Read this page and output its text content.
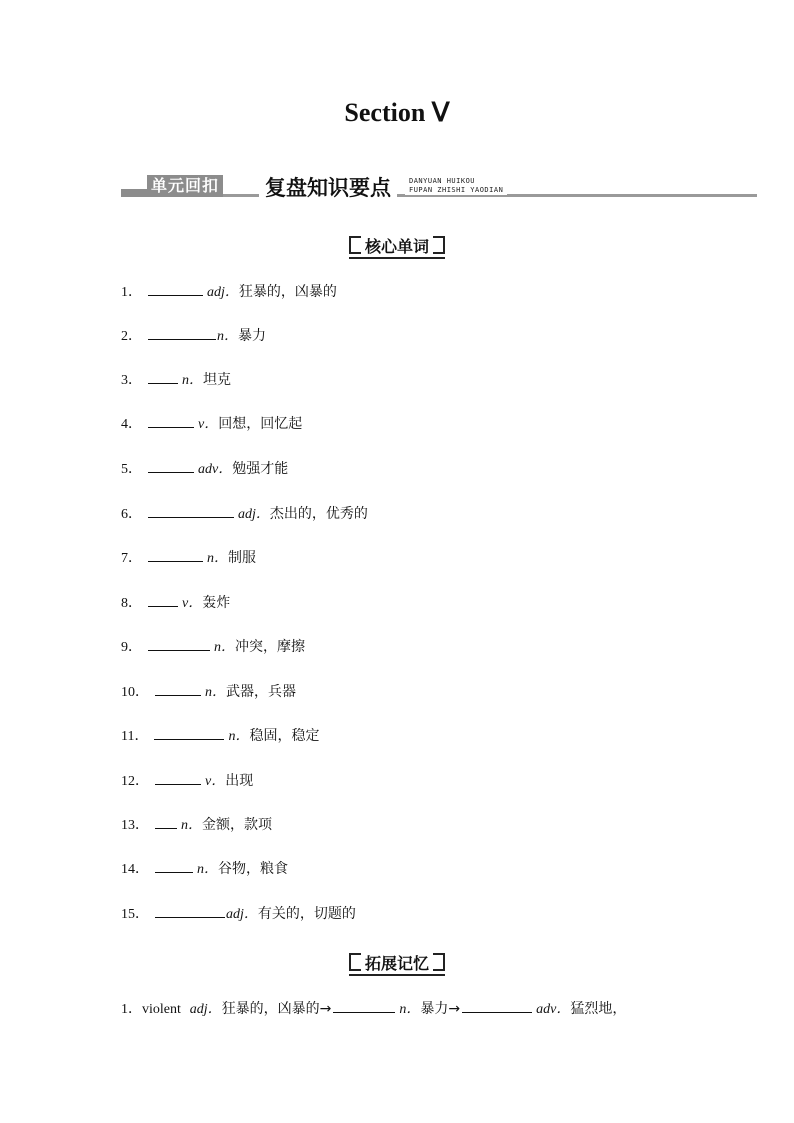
Section Ⅴ
单元回扣 复盘知识要点	DANYUAN HUIKOU
FUPAN ZHISHI YAODIAN
核心单词
1．	adj．狂暴的，凶暴的
2．	n．暴力
3．	n．坦克
4．	v．回想，回忆起
5．	adv．勉强才能
6．	adj．杰出的，优秀的
7．	n．制服
8．	v．轰炸
9．	n．冲突，摩擦
10．	n．武器，兵器
11．	n．稳固，稳定
12．	v．出现
13． n．金额，款项
14．	n．谷物，粮食
15．	adj．有关的，切题的
拓展记忆
1．violent adj．狂暴的，凶暴的→	n．暴力→	adv．猛烈地，
